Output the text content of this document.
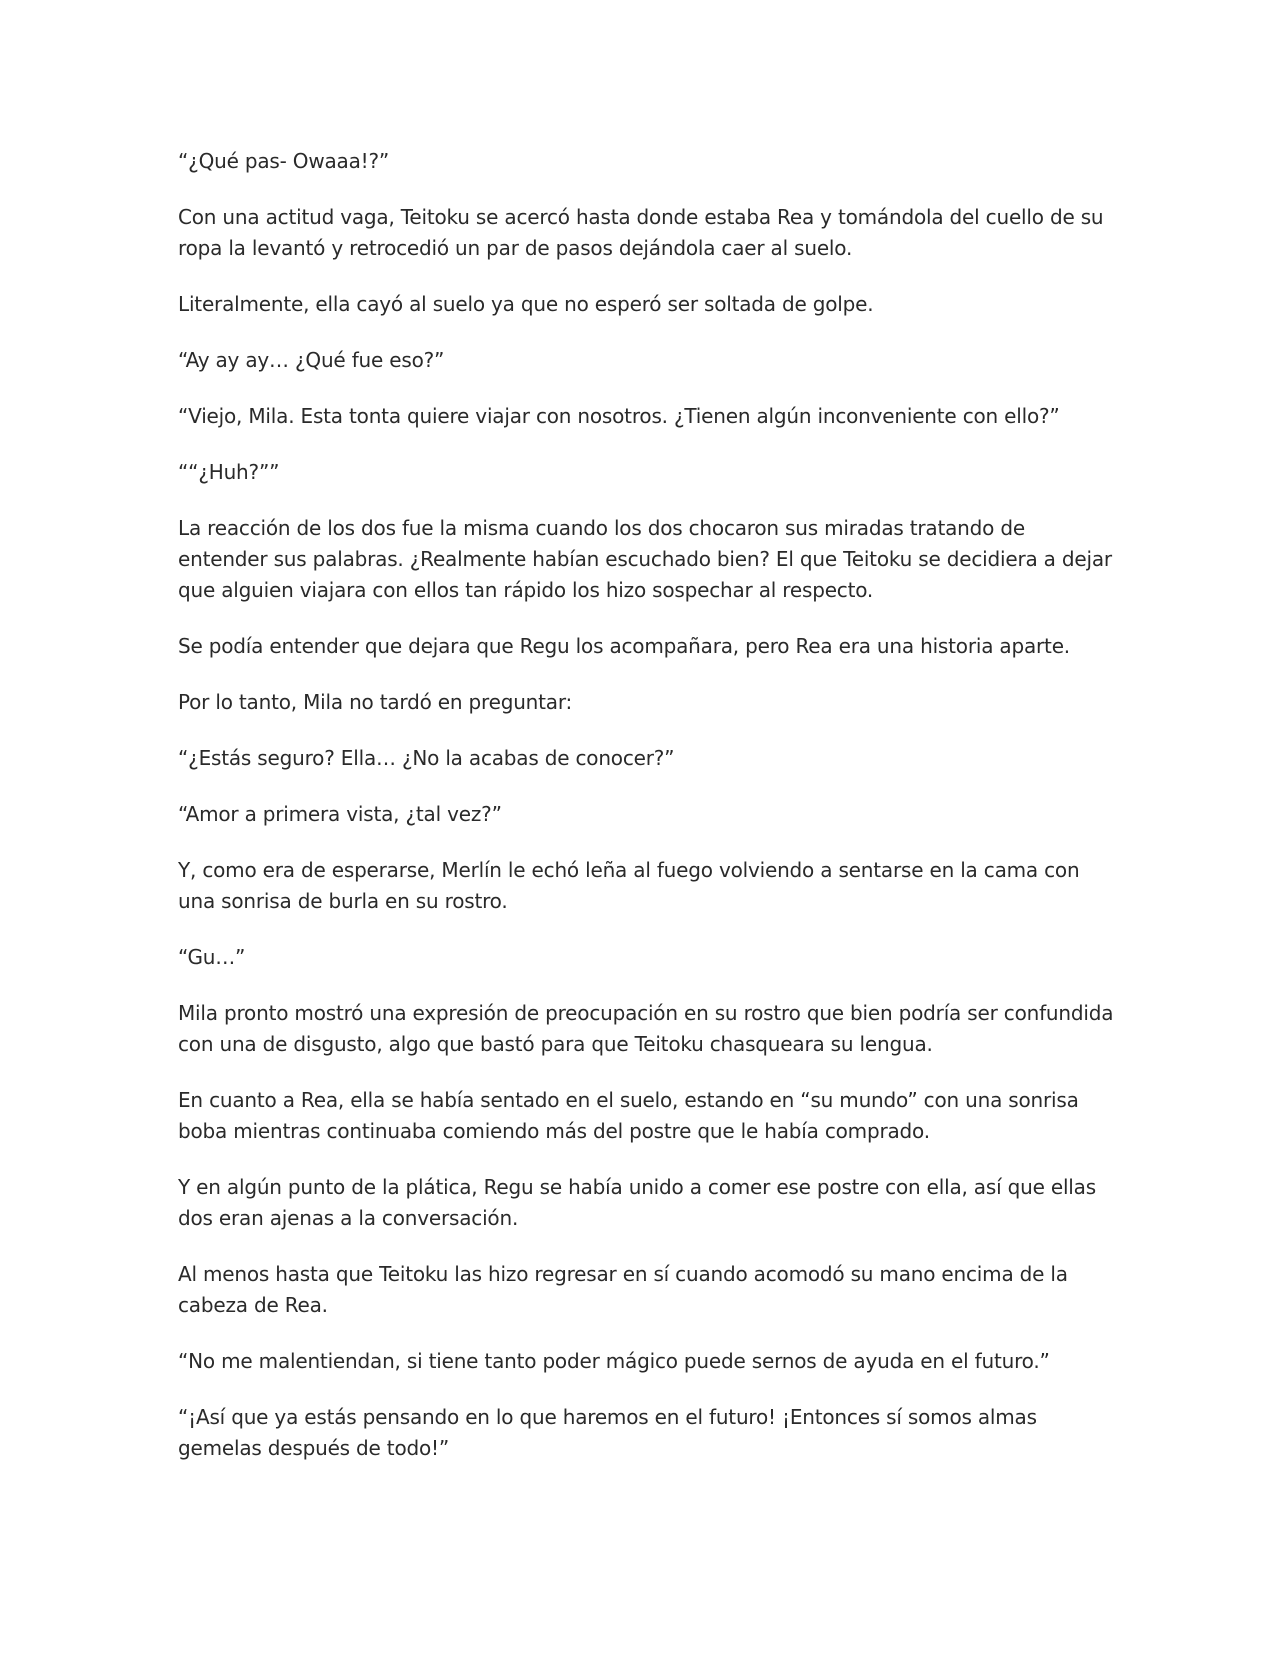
“¿Qué pas- Owaaa!?”

Con una actitud vaga, Teitoku se acercó hasta donde estaba Rea y tomándola del cuello de su ropa la levantó y retrocedió un par de pasos dejándola caer al suelo.

Literalmente, ella cayó al suelo ya que no esperó ser soltada de golpe.

“Ay ay ay… ¿Qué fue eso?”

“Viejo, Mila. Esta tonta quiere viajar con nosotros. ¿Tienen algún inconveniente con ello?”

““¿Huh?””

La reacción de los dos fue la misma cuando los dos chocaron sus miradas tratando de entender sus palabras. ¿Realmente habían escuchado bien? El que Teitoku se decidiera a dejar que alguien viajara con ellos tan rápido los hizo sospechar al respecto.

Se podía entender que dejara que Regu los acompañara, pero Rea era una historia aparte.

Por lo tanto, Mila no tardó en preguntar:

“¿Estás seguro? Ella… ¿No la acabas de conocer?”

“Amor a primera vista, ¿tal vez?”

Y, como era de esperarse, Merlín le echó leña al fuego volviendo a sentarse en la cama con una sonrisa de burla en su rostro.

“Gu…”

Mila pronto mostró una expresión de preocupación en su rostro que bien podría ser confundida con una de disgusto, algo que bastó para que Teitoku chasqueara su lengua.

En cuanto a Rea, ella se había sentado en el suelo, estando en “su mundo” con una sonrisa boba mientras continuaba comiendo más del postre que le había comprado.

Y en algún punto de la plática, Regu se había unido a comer ese postre con ella, así que ellas dos eran ajenas a la conversación.

Al menos hasta que Teitoku las hizo regresar en sí cuando acomodó su mano encima de la cabeza de Rea.

“No me malentiendan, si tiene tanto poder mágico puede sernos de ayuda en el futuro.”

“¡Así que ya estás pensando en lo que haremos en el futuro! ¡Entonces sí somos almas gemelas después de todo!”
